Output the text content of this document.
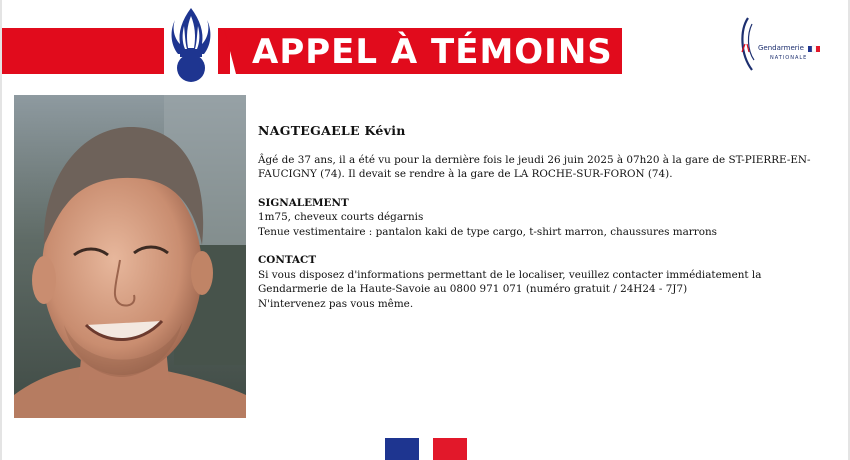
APPEL À TÉMOINS	Gendarmerie
NATIONALE
NAGTEGAELE Kévin

Âgé de 37 ans, il a été vu pour la dernière fois le jeudi 26 juin 2025 à 07h20 à la gare de ST-PIERRE-EN-FAUCIGNY (74). Il devait se rendre à la gare de LA ROCHE-SUR-FORON (74).

SIGNALEMENT

1m75, cheveux courts dégarnis

Tenue vestimentaire : pantalon kaki de type cargo, t-shirt marron, chaussures marrons

CONTACT

Si vous disposez d'informations permettant de le localiser, veuillez contacter immédiatement la Gendarmerie de la Haute-Savoie au 0800 971 071 (numéro gratuit / 24H24 - 7J7)

N'intervenez pas vous même.
